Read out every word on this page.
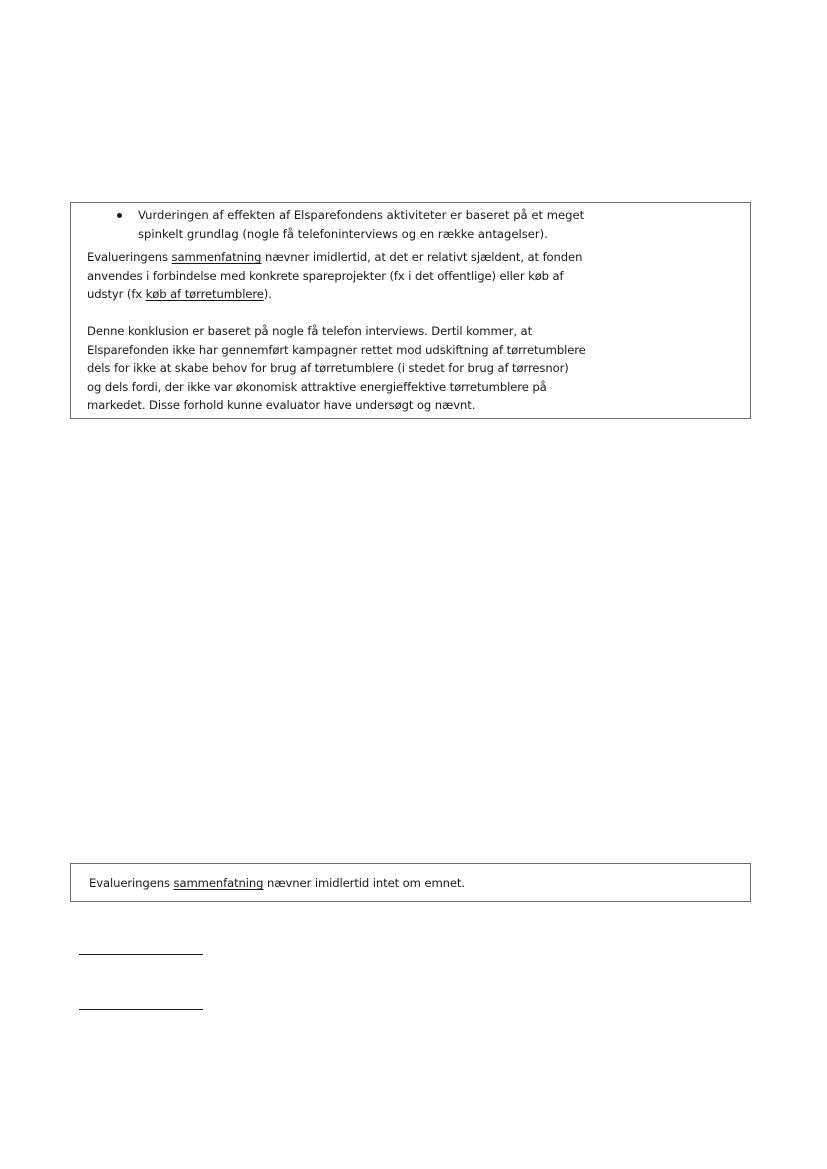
Vurderingen af effekten af Elsparefondens aktiviteter er baseret på et meget
spinkelt grundlag (nogle få telefoninterviews og en række antagelser).
Evalueringens sammenfatning nævner imidlertid, at det er relativt sjældent, at fonden
anvendes i forbindelse med konkrete spareprojekter (fx i det offentlige) eller køb af
udstyr (fx køb af tørretumblere).
Denne konklusion er baseret på nogle få telefon interviews. Dertil kommer, at
Elsparefonden ikke har gennemført kampagner rettet mod udskiftning af tørretumblere
dels for ikke at skabe behov for brug af tørretumblere (i stedet for brug af tørresnor)
og dels fordi, der ikke var økonomisk attraktive energieffektive tørretumblere på
markedet. Disse forhold kunne evaluator have undersøgt og nævnt.
Evalueringens sammenfatning nævner imidlertid intet om emnet.
